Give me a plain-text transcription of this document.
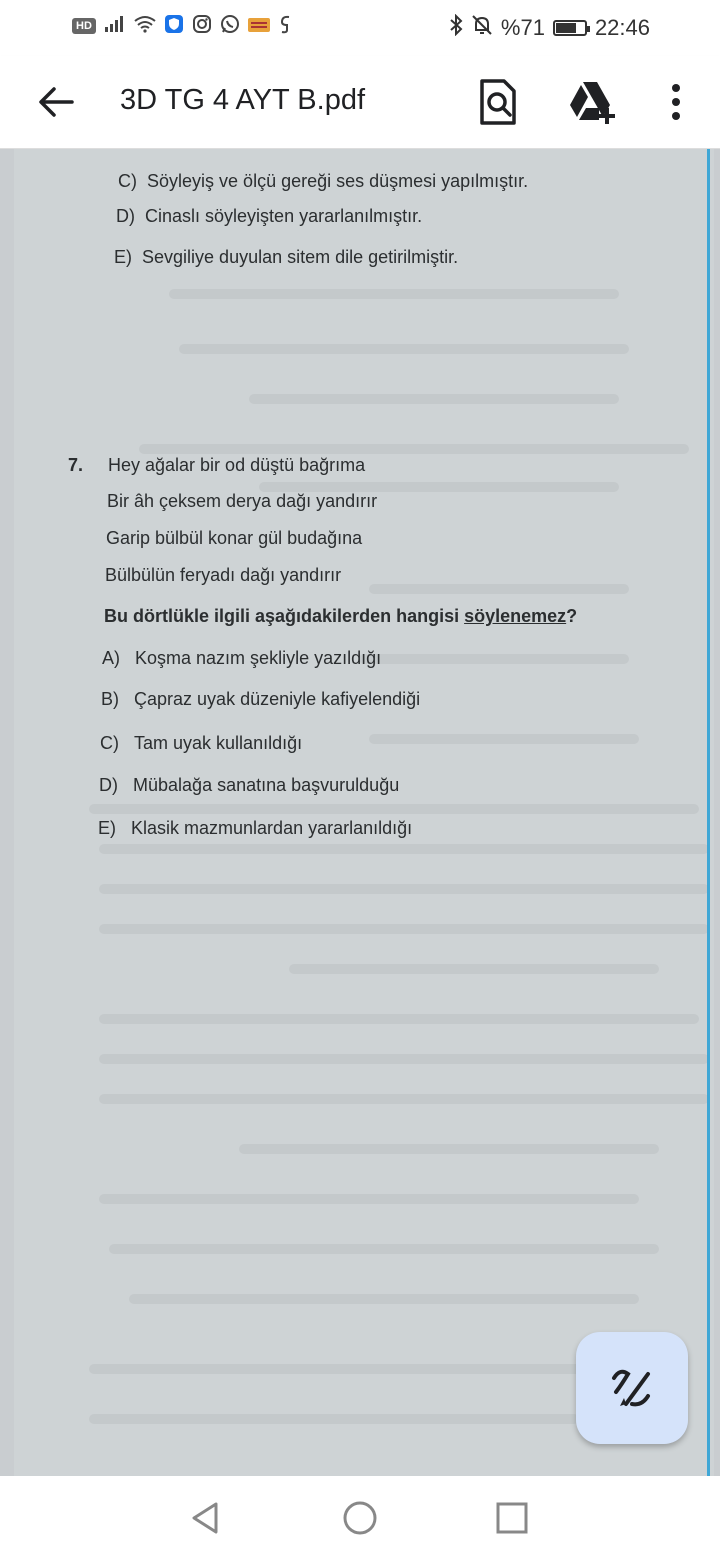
HD	%71 22:46
3D TG 4 AYT B.pdf
C) Söyleyiş ve ölçü gereği ses düşmesi yapılmıştır.
D) Cinaslı söyleyişten yararlanılmıştır.
E) Sevgiliye duyulan sitem dile getirilmiştir.
7. Hey ağalar bir od düştü bağrıma
Bir âh çeksem derya dağı yandırır
Garip bülbül konar gül budağına
Bülbülün feryadı dağı yandırır
Bu dörtlükle ilgili aşağıdakilerden hangisi söylenemez?
A) Koşma nazım şekliyle yazıldığı
B) Çapraz uyak düzeniyle kafiyelendiği
C) Tam uyak kullanıldığı
D) Mübalağa sanatına başvurulduğu
E) Klasik mazmunlardan yararlanıldığı
